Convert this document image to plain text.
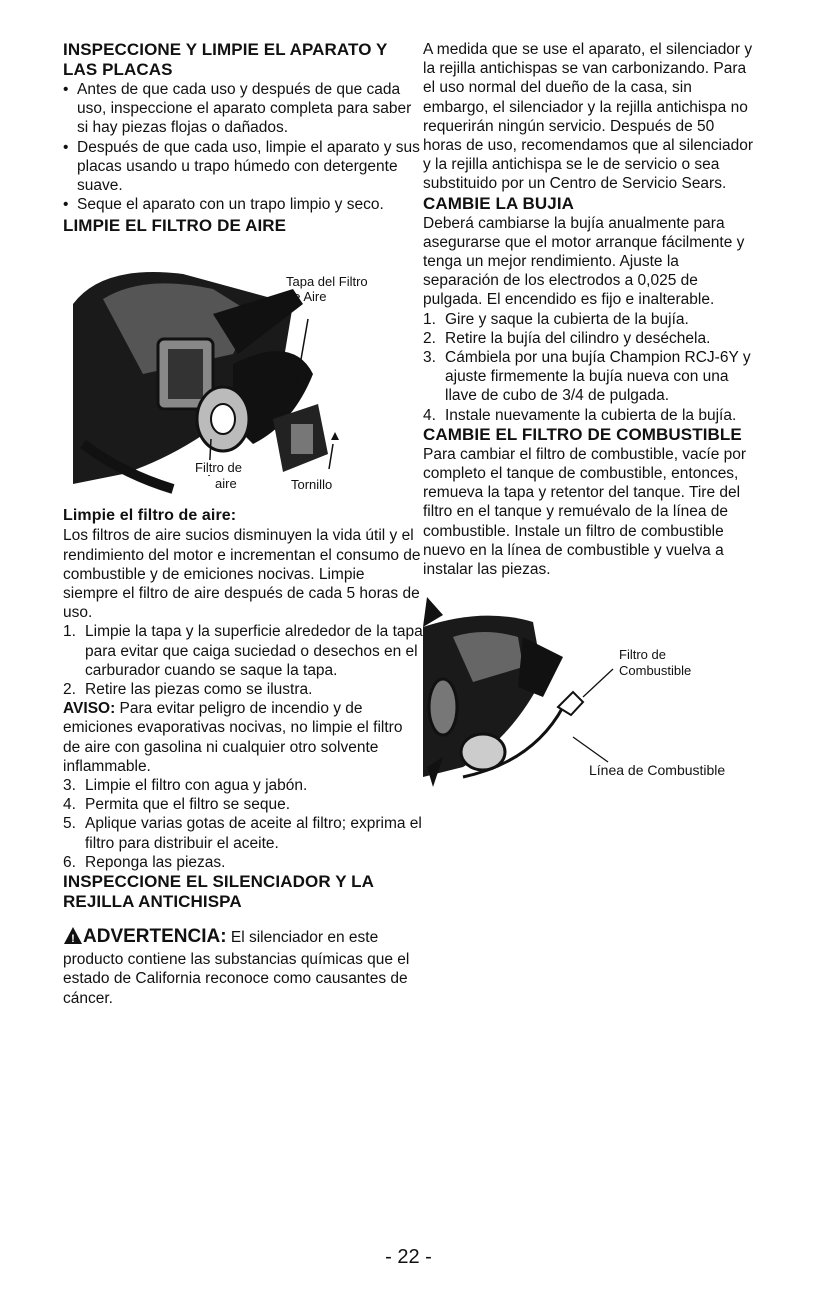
INSPECCIONE Y LIMPIE EL APARATO Y LAS PLACAS
• Antes de que cada uso y después de que cada uso, inspeccione el aparato completa para saber si hay piezas flojas o dañados.
• Después de que cada uso, limpie el aparato y sus placas usando u trapo húmedo con detergente suave.
• Seque el aparato con un trapo limpio y seco.
LIMPIE EL FILTRO DE AIRE
Tapa del Filtro de Aire
Filtro de
aire	Tornillo

Limpie el filtro de aire:

Los filtros de aire sucios disminuyen la vida útil y el rendimiento del motor e incrementan el consumo de combustible y de emiciones nocivas. Limpie siempre el filtro de aire después de cada 5 horas de uso.

1. Limpie la tapa y la superficie alrededor de la tapa para evitar que caiga suciedad o desechos en el carburador cuando se saque la tapa.
2. Retire las piezas como se ilustra.

AVISO: Para evitar peligro de incendio y de emiciones evaporativas nocivas, no limpie el filtro de aire con gasolina ni cualquier otro solvente inflammable.

3. Limpie el filtro con agua y jabón.
4. Permita que el filtro se seque.
5. Aplique varias gotas de aceite al filtro; exprima el filtro para distribuir el aceite.
6. Reponga las piezas.
INSPECCIONE EL SILENCIADOR Y LA REJILLA ANTICHISPA

! ADVERTENCIA: El silenciador en este producto contiene las substancias químicas que el estado de California reconoce como causantes de cáncer.

A medida que se use el aparato, el silenciador y la rejilla antichispas se van carbonizando. Para el uso normal del dueño de la casa, sin embargo, el silenciador y la rejilla antichispa no requerirán ningún servicio. Después de 50 horas de uso, recomendamos que al silenciador y la rejilla antichispa se le de servicio o sea substituido por un Centro de Servicio Sears.

CAMBIE LA BUJIA

Deberá cambiarse la bujía anualmente para asegurarse que el motor arranque fácilmente y tenga un mejor rendimiento. Ajuste la separación de los electrodos a 0,025 de pulgada. El encendido es fijo e inalterable.

1. Gire y saque la cubierta de la bujía.
2. Retire la bujía del cilindro y deséchela.
3. Cámbiela por una bujía Champion RCJ-6Y y ajuste firmemente la bujía nueva con una llave de cubo de 3/4 de pulgada.
4. Instale nuevamente la cubierta de la bujía.
CAMBIE EL FILTRO DE COMBUSTIBLE

Para cambiar el filtro de combustible, vacíe por completo el tanque de combustible, entonces, remueva la tapa y retentor del tanque. Tire del filtro en el tanque y remuévalo de la línea de combustible. Instale un filtro de combustible nuevo en la línea de combustible y vuelva a instalar las piezas.

Filtro de
Combustible
Línea de Combustible
- 22 -
